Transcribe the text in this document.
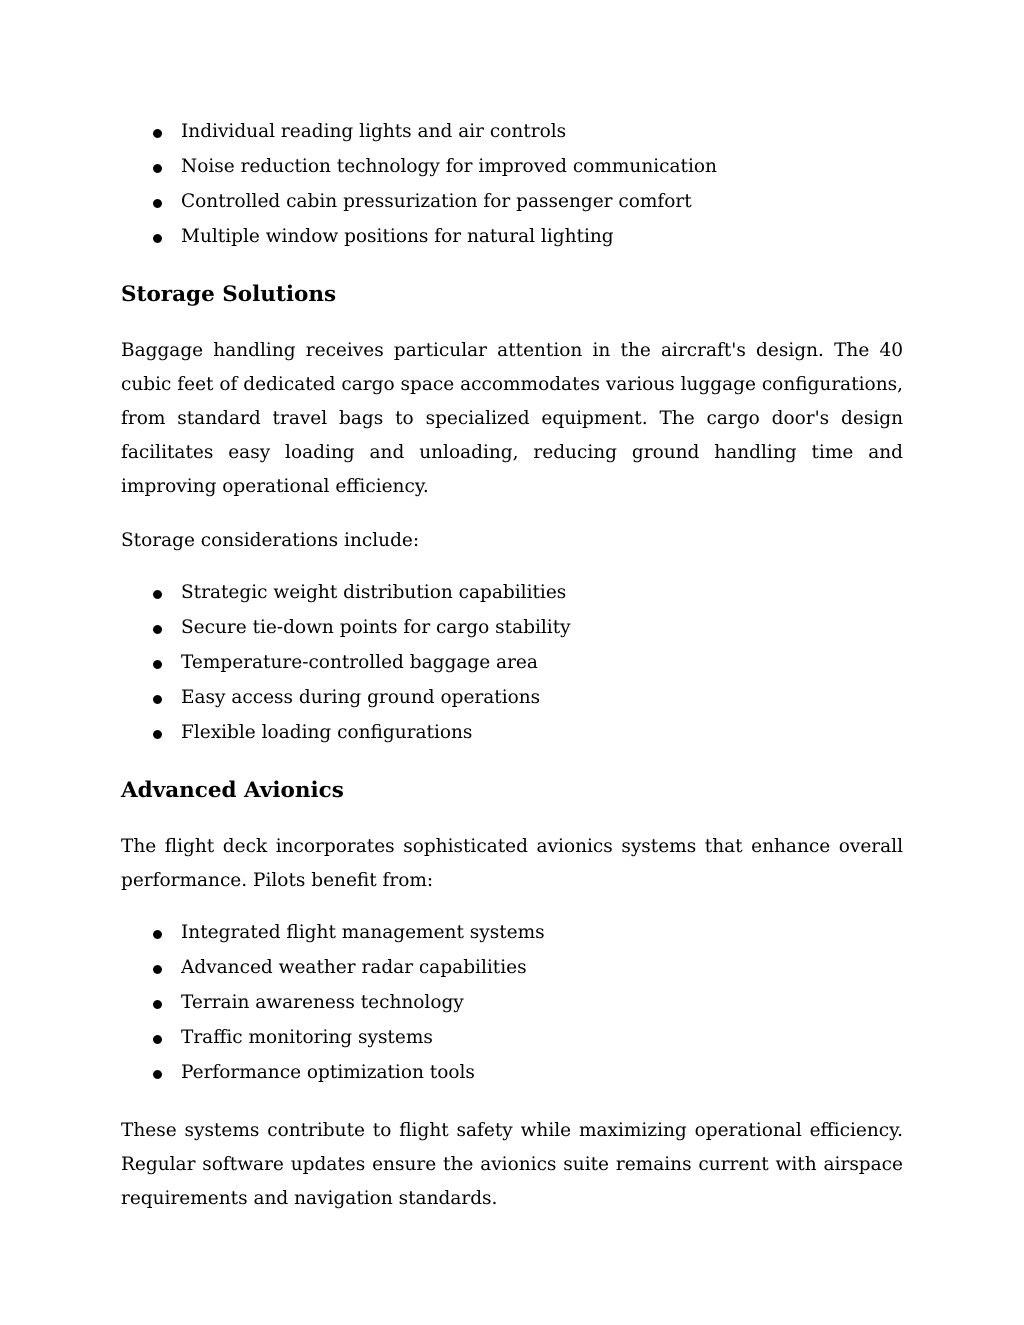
Individual reading lights and air controls
Noise reduction technology for improved communication
Controlled cabin pressurization for passenger comfort
Multiple window positions for natural lighting
Storage Solutions

Baggage handling receives particular attention in the aircraft's design. The 40 cubic feet of dedicated cargo space accommodates various luggage configurations, from standard travel bags to specialized equipment. The cargo door's design facilitates easy loading and unloading, reducing ground handling time and improving operational efficiency.

Storage considerations include:

Strategic weight distribution capabilities
Secure tie-down points for cargo stability
Temperature-controlled baggage area
Easy access during ground operations
Flexible loading configurations
Advanced Avionics

The flight deck incorporates sophisticated avionics systems that enhance overall performance. Pilots benefit from:

Integrated flight management systems
Advanced weather radar capabilities
Terrain awareness technology
Traffic monitoring systems
Performance optimization tools

These systems contribute to flight safety while maximizing operational efficiency. Regular software updates ensure the avionics suite remains current with airspace requirements and navigation standards.
